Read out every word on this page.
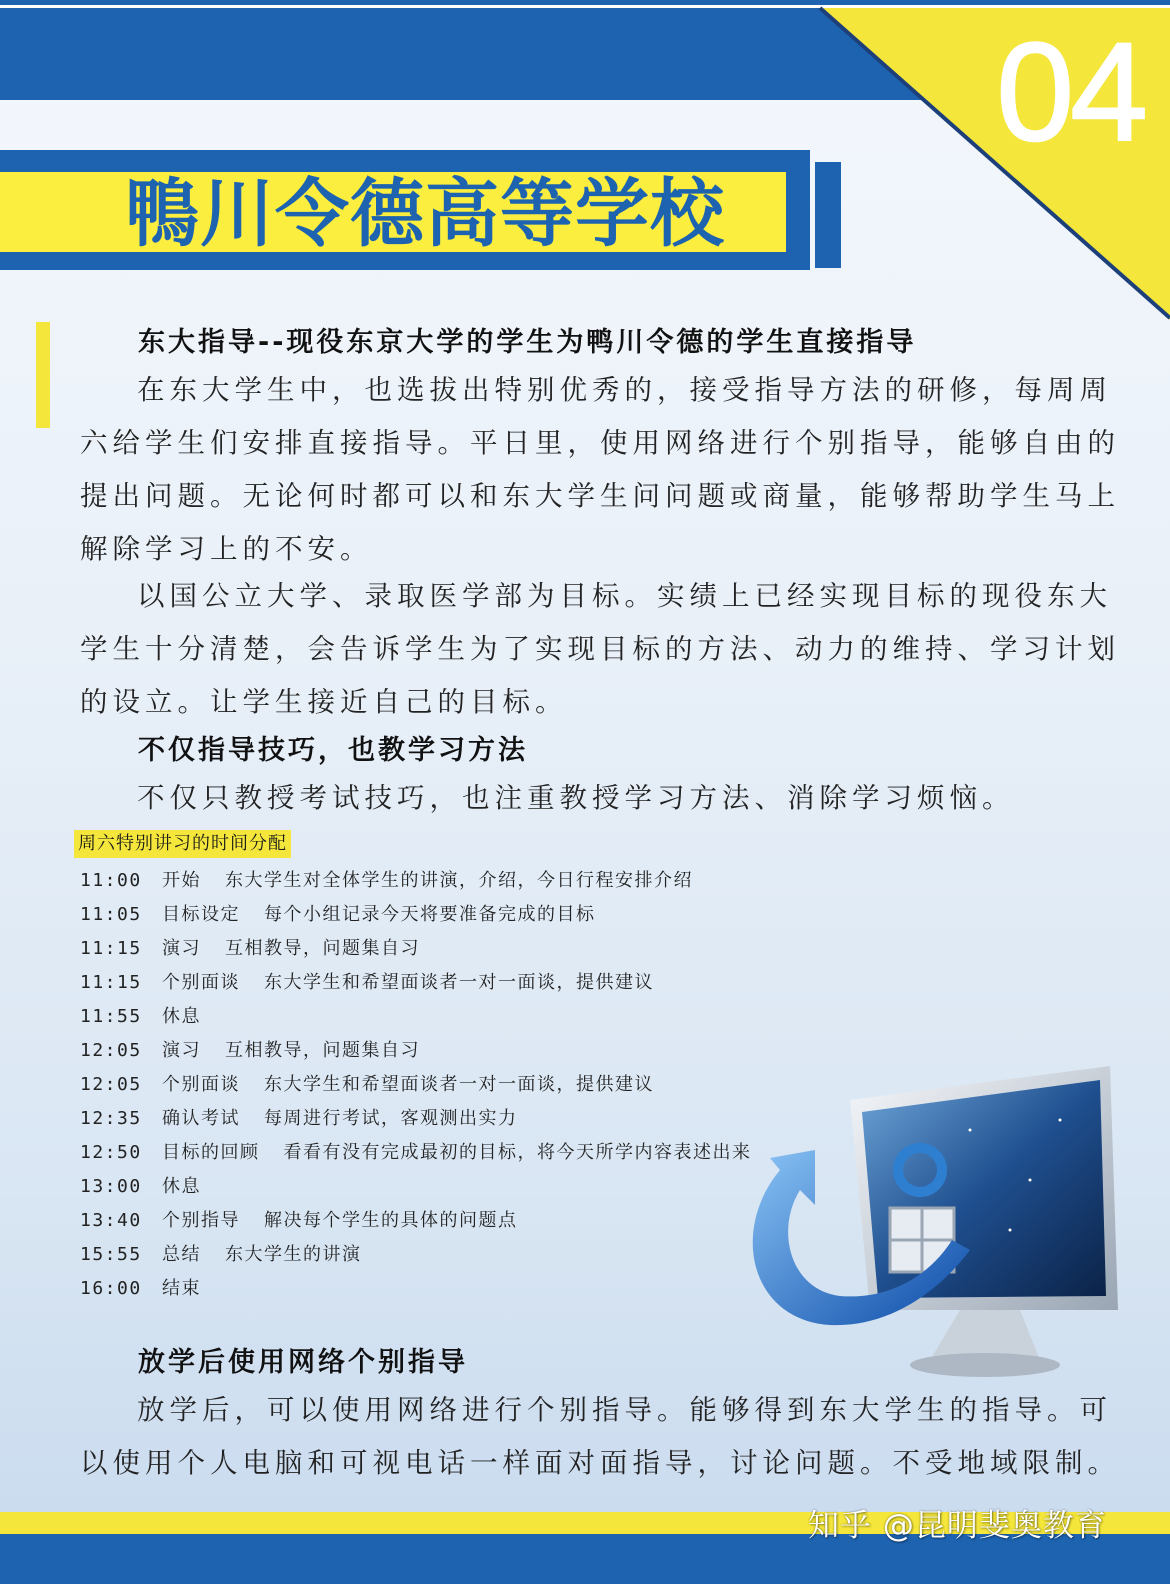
04
鴨川令德高等学校
东大指导--现役东京大学的学生为鸭川令德的学生直接指导
在东大学生中，也选拔出特别优秀的，接受指导方法的研修，每周周六给学生们安排直接指导。平日里，使用网络进行个别指导，能够自由的提出问题。无论何时都可以和东大学生问问题或商量，能够帮助学生马上解除学习上的不安。
以国公立大学、录取医学部为目标。实绩上已经实现目标的现役东大学生十分清楚，会告诉学生为了实现目标的方法、动力的维持、学习计划的设立。让学生接近自己的目标。
不仅指导技巧，也教学习方法
不仅只教授考试技巧，也注重教授学习方法、消除学习烦恼。
周六特别讲习的时间分配
11:00 开始 东大学生对全体学生的讲演，介绍，今日行程安排介绍
11:05 目标设定 每个小组记录今天将要准备完成的目标
11:15 演习 互相教导，问题集自习
11:15 个别面谈 东大学生和希望面谈者一对一面谈，提供建议
11:55 休息
12:05 演习 互相教导，问题集自习
12:05 个别面谈 东大学生和希望面谈者一对一面谈，提供建议
12:35 确认考试 每周进行考试，客观测出实力
12:50 目标的回顾 看看有没有完成最初的目标，将今天所学内容表述出来
13:00 休息
13:40 个别指导 解决每个学生的具体的问题点
15:55 总结 东大学生的讲演
16:00 结束
放学后使用网络个别指导
放学后，可以使用网络进行个别指导。能够得到东大学生的指导。可以使用个人电脑和可视电话一样面对面指导，讨论问题。不受地域限制。
知乎 @昆明斐奥教育
